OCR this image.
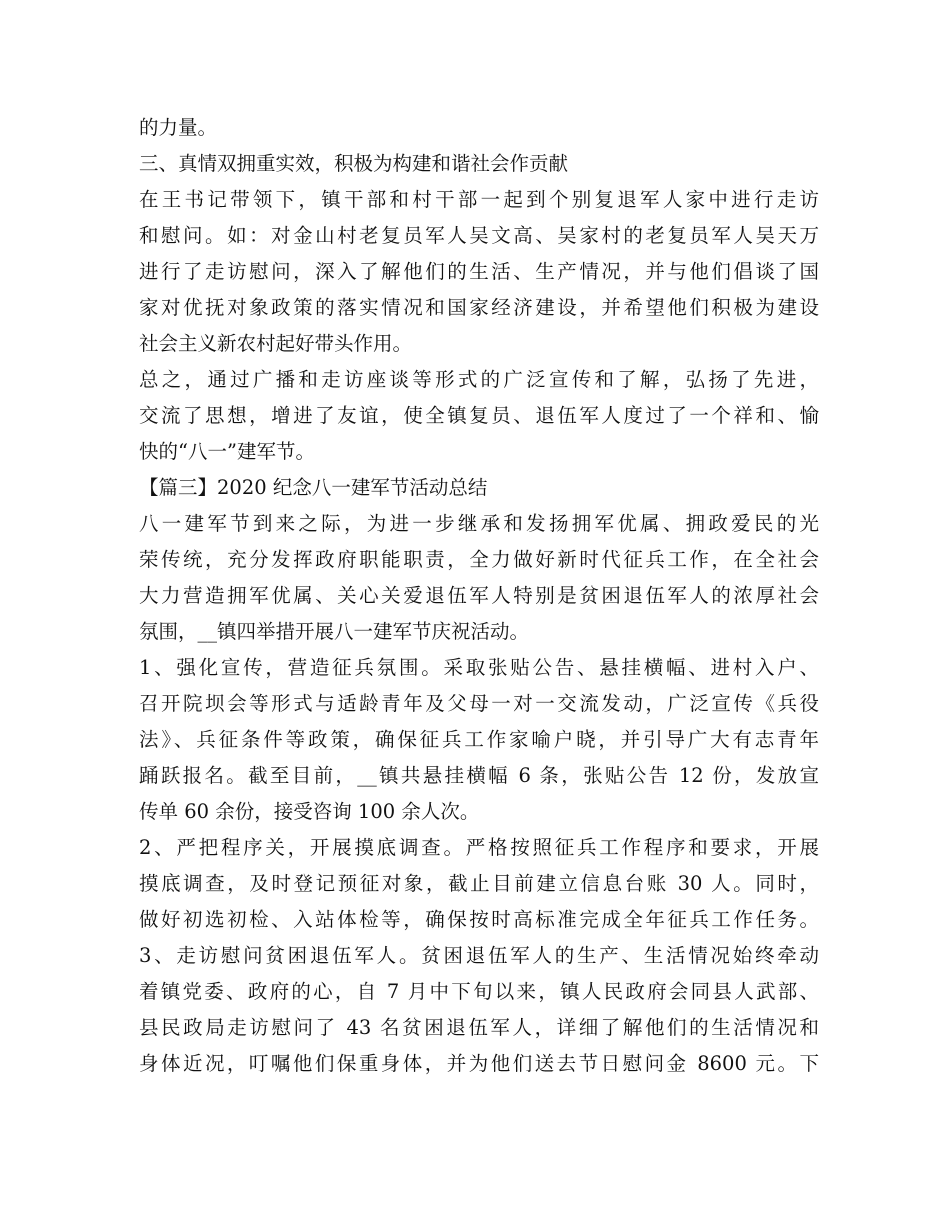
的力量。
三、真情双拥重实效，积极为构建和谐社会作贡献
在王书记带领下，镇干部和村干部一起到个别复退军人家中进行走访
和慰问。如：对金山村老复员军人吴文高、吴家村的老复员军人吴天万
进行了走访慰问，深入了解他们的生活、生产情况，并与他们倡谈了国
家对优抚对象政策的落实情况和国家经济建设，并希望他们积极为建设
社会主义新农村起好带头作用。
总之，通过广播和走访座谈等形式的广泛宣传和了解，弘扬了先进，
交流了思想，增进了友谊，使全镇复员、退伍军人度过了一个祥和、愉
快的“八一”建军节。
【篇三】2020 纪念八一建军节活动总结
八一建军节到来之际，为进一步继承和发扬拥军优属、拥政爱民的光
荣传统，充分发挥政府职能职责，全力做好新时代征兵工作，在全社会
大力营造拥军优属、关心关爱退伍军人特别是贫困退伍军人的浓厚社会
氛围，__镇四举措开展八一建军节庆祝活动。
1、强化宣传，营造征兵氛围。采取张贴公告、悬挂横幅、进村入户、
召开院坝会等形式与适龄青年及父母一对一交流发动，广泛宣传《兵役
法》、兵征条件等政策，确保征兵工作家喻户晓，并引导广大有志青年
踊跃报名。截至目前，__镇共悬挂横幅 6 条，张贴公告 12 份，发放宣
传单 60 余份，接受咨询 100 余人次。
2、严把程序关，开展摸底调查。严格按照征兵工作程序和要求，开展
摸底调查，及时登记预征对象，截止目前建立信息台账 30 人。同时，
做好初选初检、入站体检等，确保按时高标准完成全年征兵工作任务。
3、走访慰问贫困退伍军人。贫困退伍军人的生产、生活情况始终牵动
着镇党委、政府的心，自 7 月中下旬以来，镇人民政府会同县人武部、
县民政局走访慰问了 43 名贫困退伍军人，详细了解他们的生活情况和
身体近况，叮嘱他们保重身体，并为他们送去节日慰问金 8600 元。下
